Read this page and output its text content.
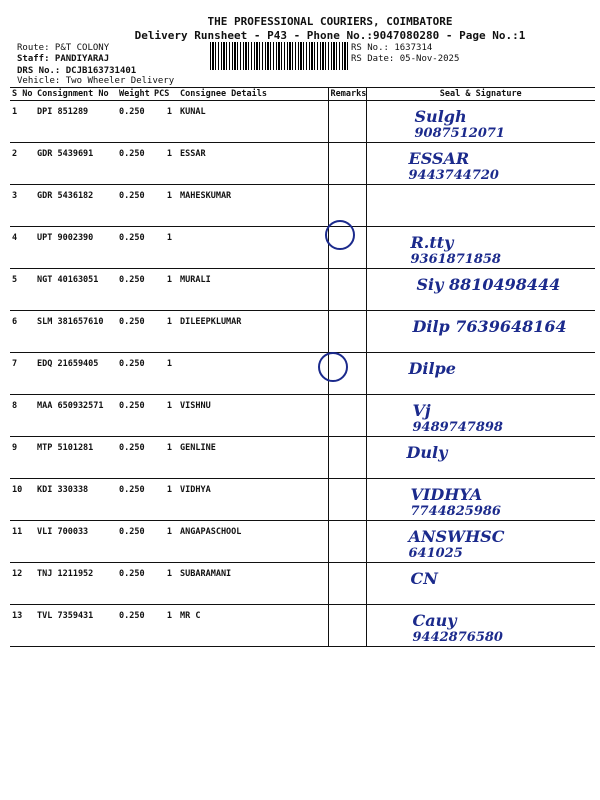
THE PROFESSIONAL COURIERS, COIMBATORE
Delivery Runsheet - P43 - Phone No.:9047080280 - Page No.:1
Route: P&T COLONY
Staff: PANDIYARAJ
DRS No.: DCJB163731401
Vehicle: Two Wheeler Delivery
RS No.: 1637314
RS Date: 05-Nov-2025
S No	Consignment No	Weight	PCS	Consignee Details	Remarks	Seal & Signature
1	DPI 851289	0.250	1	KUNAL		Sulgh
9087512071

2	GDR 5439691	0.250	1	ESSAR		ESSAR
9443744720

3	GDR 5436182	0.250	1	MAHESKUMAR		

4	UPT 9002390	0.250	1			R.tty
9361871858

5	NGT 40163051	0.250	1	MURALI		Siy 8810498444

6	SLM 381657610	0.250	1	DILEEPKLUMAR		Dilp 7639648164

7	EDQ 21659405	0.250	1			Dilpe

8	MAA 650932571	0.250	1	VISHNU		Vj
9489747898

9	MTP 5101281	0.250	1	GENLINE		Duly

10	KDI 330338	0.250	1	VIDHYA		VIDHYA
7744825986

11	VLI 700033	0.250	1	ANGAPASCHOOL		ANSWHSC
641025

12	TNJ 1211952	0.250	1	SUBARAMANI		CN

13	TVL 7359431	0.250	1	MR C		Cauy
9442876580
